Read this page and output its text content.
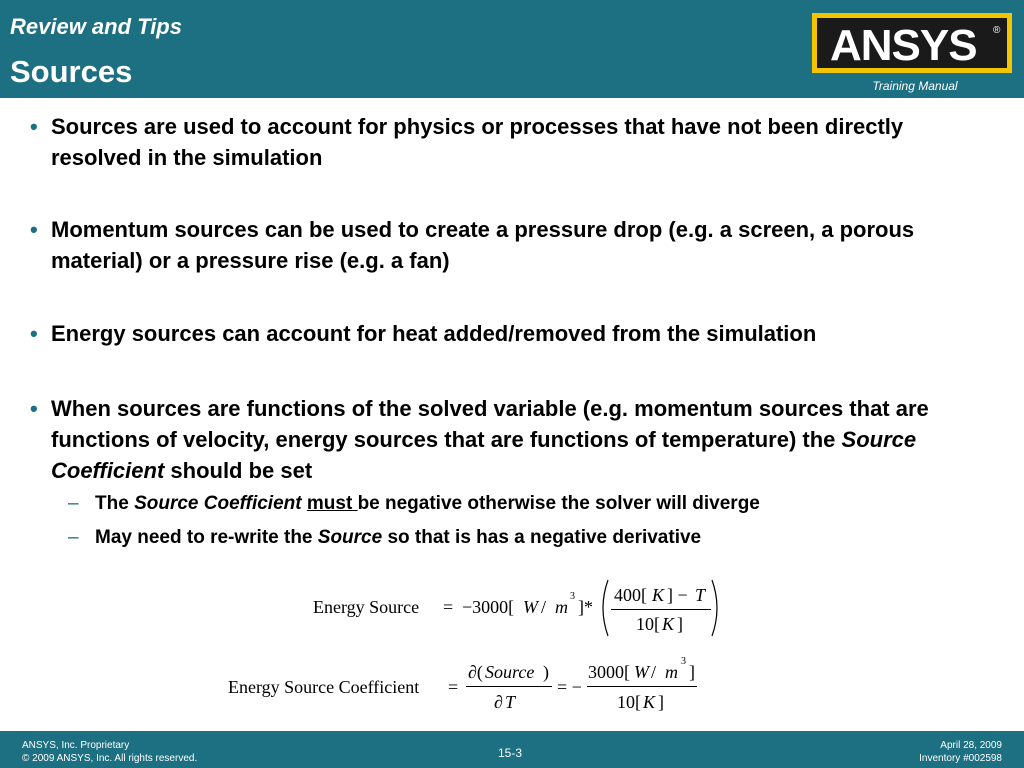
Review and Tips
Sources
ANSYS ®
Training Manual
• Sources are used to account for physics or processes that have not been directly resolved in the simulation
• Momentum sources can be used to create a pressure drop (e.g. a screen, a porous material) or a pressure rise (e.g. a fan)
• Energy sources can account for heat added/removed from the simulation
• When sources are functions of the solved variable (e.g. momentum sources that are functions of velocity, energy sources that are functions of temperature) the Source Coefficient should be set
– The Source Coefficient must be negative otherwise the solver will diverge
– May need to re-write the Source so that is has a negative derivative
Energy Source = −3000[ W / m
3
]*
400[ K ] − T
10[ K ]
Energy Source Coefficient =
∂( Source )
∂ T
= −
3000[ W / m
3
]
10[ K ]
ANSYS, Inc. Proprietary
© 2009 ANSYS, Inc. All rights reserved.	15-3
April 28, 2009
Inventory #002598
